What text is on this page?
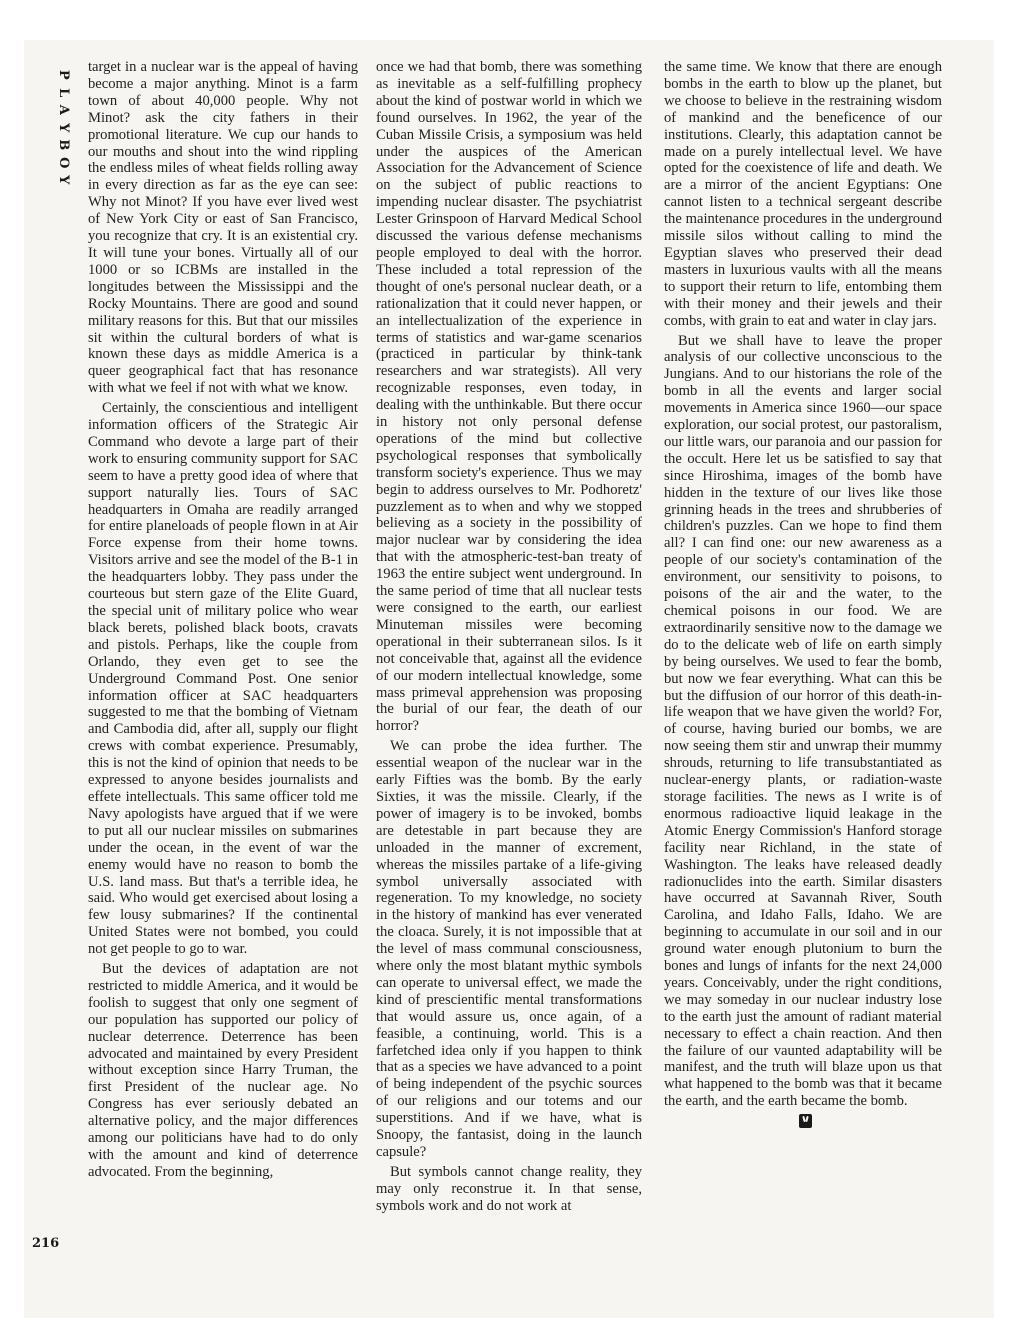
P
L
A
Y
B
O
Y

target in a nuclear war is the appeal of having become a major anything. Minot is a farm town of about 40,000 people. Why not Minot? ask the city fathers in their promotional literature. We cup our hands to our mouths and shout into the wind rippling the endless miles of wheat fields rolling away in every direction as far as the eye can see: Why not Minot? If you have ever lived west of New York City or east of San Francisco, you recognize that cry. It is an existential cry. It will tune your bones. Virtually all of our 1000 or so ICBMs are installed in the longitudes between the Mississippi and the Rocky Mountains. There are good and sound military reasons for this. But that our missiles sit within the cultural borders of what is known these days as middle America is a queer geographical fact that has resonance with what we feel if not with what we know.

Certainly, the conscientious and intelligent information officers of the Strategic Air Command who devote a large part of their work to ensuring community support for SAC seem to have a pretty good idea of where that support naturally lies. Tours of SAC headquarters in Omaha are readily arranged for entire planeloads of people flown in at Air Force expense from their home towns. Visitors arrive and see the model of the B-1 in the headquarters lobby. They pass under the courteous but stern gaze of the Elite Guard, the special unit of military police who wear black berets, polished black boots, cravats and pistols. Perhaps, like the couple from Orlando, they even get to see the Underground Command Post. One senior information officer at SAC headquarters suggested to me that the bombing of Vietnam and Cambodia did, after all, supply our flight crews with combat experience. Presumably, this is not the kind of opinion that needs to be expressed to anyone besides journalists and effete intellectuals. This same officer told me Navy apologists have argued that if we were to put all our nuclear missiles on submarines under the ocean, in the event of war the enemy would have no reason to bomb the U.S. land mass. But that's a terrible idea, he said. Who would get exercised about losing a few lousy submarines? If the continental United States were not bombed, you could not get people to go to war.

But the devices of adaptation are not restricted to middle America, and it would be foolish to suggest that only one segment of our population has supported our policy of nuclear deterrence. Deterrence has been advocated and maintained by every President without exception since Harry Truman, the first President of the nuclear age. No Congress has ever seriously debated an alternative policy, and the major differences among our politicians have had to do only with the amount and kind of deterrence advocated. From the beginning,

once we had that bomb, there was something as inevitable as a self-fulfilling prophecy about the kind of postwar world in which we found ourselves. In 1962, the year of the Cuban Missile Crisis, a symposium was held under the auspices of the American Association for the Advancement of Science on the subject of public reactions to impending nuclear disaster. The psychiatrist Lester Grinspoon of Harvard Medical School discussed the various defense mechanisms people employed to deal with the horror. These included a total repression of the thought of one's personal nuclear death, or a rationalization that it could never happen, or an intellectualization of the experience in terms of statistics and war-game scenarios (practiced in particular by think-tank researchers and war strategists). All very recognizable responses, even today, in dealing with the unthinkable. But there occur in history not only personal defense operations of the mind but collective psychological responses that symbolically transform society's experience. Thus we may begin to address ourselves to Mr. Podhoretz' puzzlement as to when and why we stopped believing as a society in the possibility of major nuclear war by considering the idea that with the atmospheric-test-ban treaty of 1963 the entire subject went underground. In the same period of time that all nuclear tests were consigned to the earth, our earliest Minuteman missiles were becoming operational in their subterranean silos. Is it not conceivable that, against all the evidence of our modern intellectual knowledge, some mass primeval apprehension was proposing the burial of our fear, the death of our horror?

We can probe the idea further. The essential weapon of the nuclear war in the early Fifties was the bomb. By the early Sixties, it was the missile. Clearly, if the power of imagery is to be invoked, bombs are detestable in part because they are unloaded in the manner of excrement, whereas the missiles partake of a life-giving symbol universally associated with regeneration. To my knowledge, no society in the history of mankind has ever venerated the cloaca. Surely, it is not impossible that at the level of mass communal consciousness, where only the most blatant mythic symbols can operate to universal effect, we made the kind of prescientific mental transformations that would assure us, once again, of a feasible, a continuing, world. This is a farfetched idea only if you happen to think that as a species we have advanced to a point of being independent of the psychic sources of our religions and our totems and our superstitions. And if we have, what is Snoopy, the fantasist, doing in the launch capsule?

But symbols cannot change reality, they may only reconstrue it. In that sense, symbols work and do not work at

the same time. We know that there are enough bombs in the earth to blow up the planet, but we choose to believe in the restraining wisdom of mankind and the beneficence of our institutions. Clearly, this adaptation cannot be made on a purely intellectual level. We have opted for the coexistence of life and death. We are a mirror of the ancient Egyptians: One cannot listen to a technical sergeant describe the maintenance procedures in the underground missile silos without calling to mind the Egyptian slaves who preserved their dead masters in luxurious vaults with all the means to support their return to life, entombing them with their money and their jewels and their combs, with grain to eat and water in clay jars.

But we shall have to leave the proper analysis of our collective unconscious to the Jungians. And to our historians the role of the bomb in all the events and larger social movements in America since 1960—our space exploration, our social protest, our pastoralism, our little wars, our paranoia and our passion for the occult. Here let us be satisfied to say that since Hiroshima, images of the bomb have hidden in the texture of our lives like those grinning heads in the trees and shrubberies of children's puzzles. Can we hope to find them all? I can find one: our new awareness as a people of our society's contamination of the environment, our sensitivity to poisons, to poisons of the air and the water, to the chemical poisons in our food. We are extraordinarily sensitive now to the damage we do to the delicate web of life on earth simply by being ourselves. We used to fear the bomb, but now we fear everything. What can this be but the diffusion of our horror of this death-in-life weapon that we have given the world? For, of course, having buried our bombs, we are now seeing them stir and unwrap their mummy shrouds, returning to life transubstantiated as nuclear-energy plants, or radiation-waste storage facilities. The news as I write is of enormous radioactive liquid leakage in the Atomic Energy Commission's Hanford storage facility near Richland, in the state of Washington. The leaks have released deadly radionuclides into the earth. Similar disasters have occurred at Savannah River, South Carolina, and Idaho Falls, Idaho. We are beginning to accumulate in our soil and in our ground water enough plutonium to burn the bones and lungs of infants for the next 24,000 years. Conceivably, under the right conditions, we may someday in our nuclear industry lose to the earth just the amount of radiant material necessary to effect a chain reaction. And then the failure of our vaunted adaptability will be manifest, and the truth will blaze upon us that what happened to the bomb was that it became the earth, and the earth became the bomb.

216
